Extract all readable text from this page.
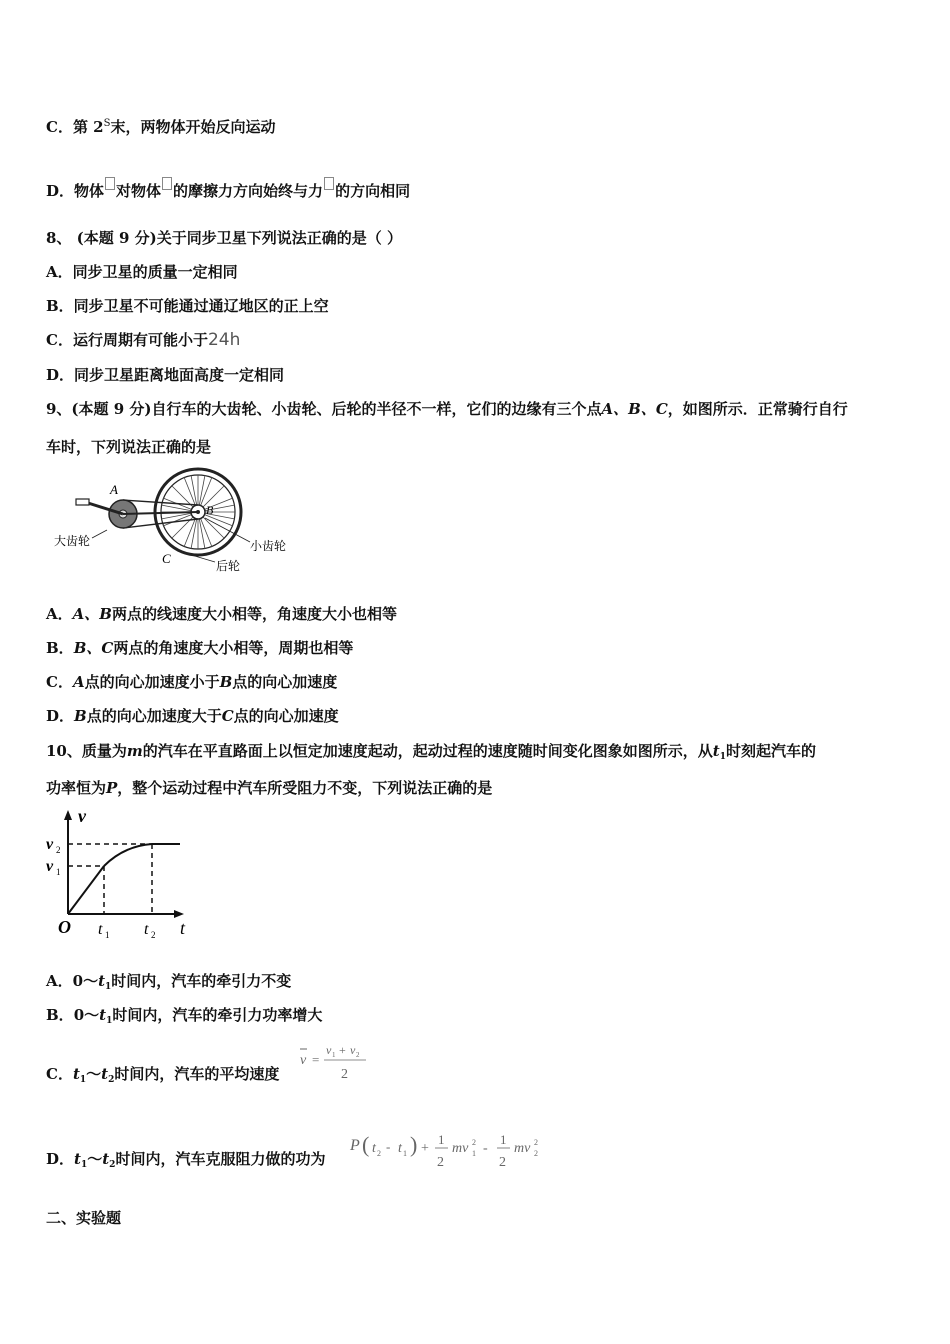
C．第 $2^S$末，两物体开始反向运动
D．物体 对物体 的摩擦力方向始终与力 的方向相同
8、 (本题 9 分)关于同步卫星下列说法正确的是（ ）
A．同步卫星的质量一定相同
B．同步卫星不可能通过通辽地区的正上空
C．运行周期有可能小于24h
D．同步卫星距离地面高度一定相同
9、(本题 9 分)自行车的大齿轮、小齿轮、后轮的半径不一样，它们的边缘有三个点A、B、C，如图所示．正常骑行自行
车时，下列说法正确的是
A
B
C
大齿轮	小齿轮
后轮
A．A、B两点的线速度大小相等，角速度大小也相等
B．B、C两点的角速度大小相等，周期也相等
C．A点的向心加速度小于B点的向心加速度
D．B点的向心加速度大于C点的向心加速度
10、质量为m的汽车在平直路面上以恒定加速度起动，起动过程的速度随时间变化图象如图所示，从$t_1$时刻起汽车的
功率恒为P，整个运动过程中汽车所受阻力不变，下列说法正确的是
v
t
O
v 2
v 1
t 1 t 2
A．$0\sim t_1$时间内，汽车的牵引力不变
B．$0\sim t_1$时间内，汽车的牵引力功率增大
C．$t_1\sim t_2$时间内，汽车的平均速度
v =
v 1 + v 2
2
D．$t_1\sim t_2$时间内，汽车克服阻力做的功为
P ( t 2 - t 1 ) +
1
2
mv 2
1 -
1
2
mv 2
2
二、实验题
